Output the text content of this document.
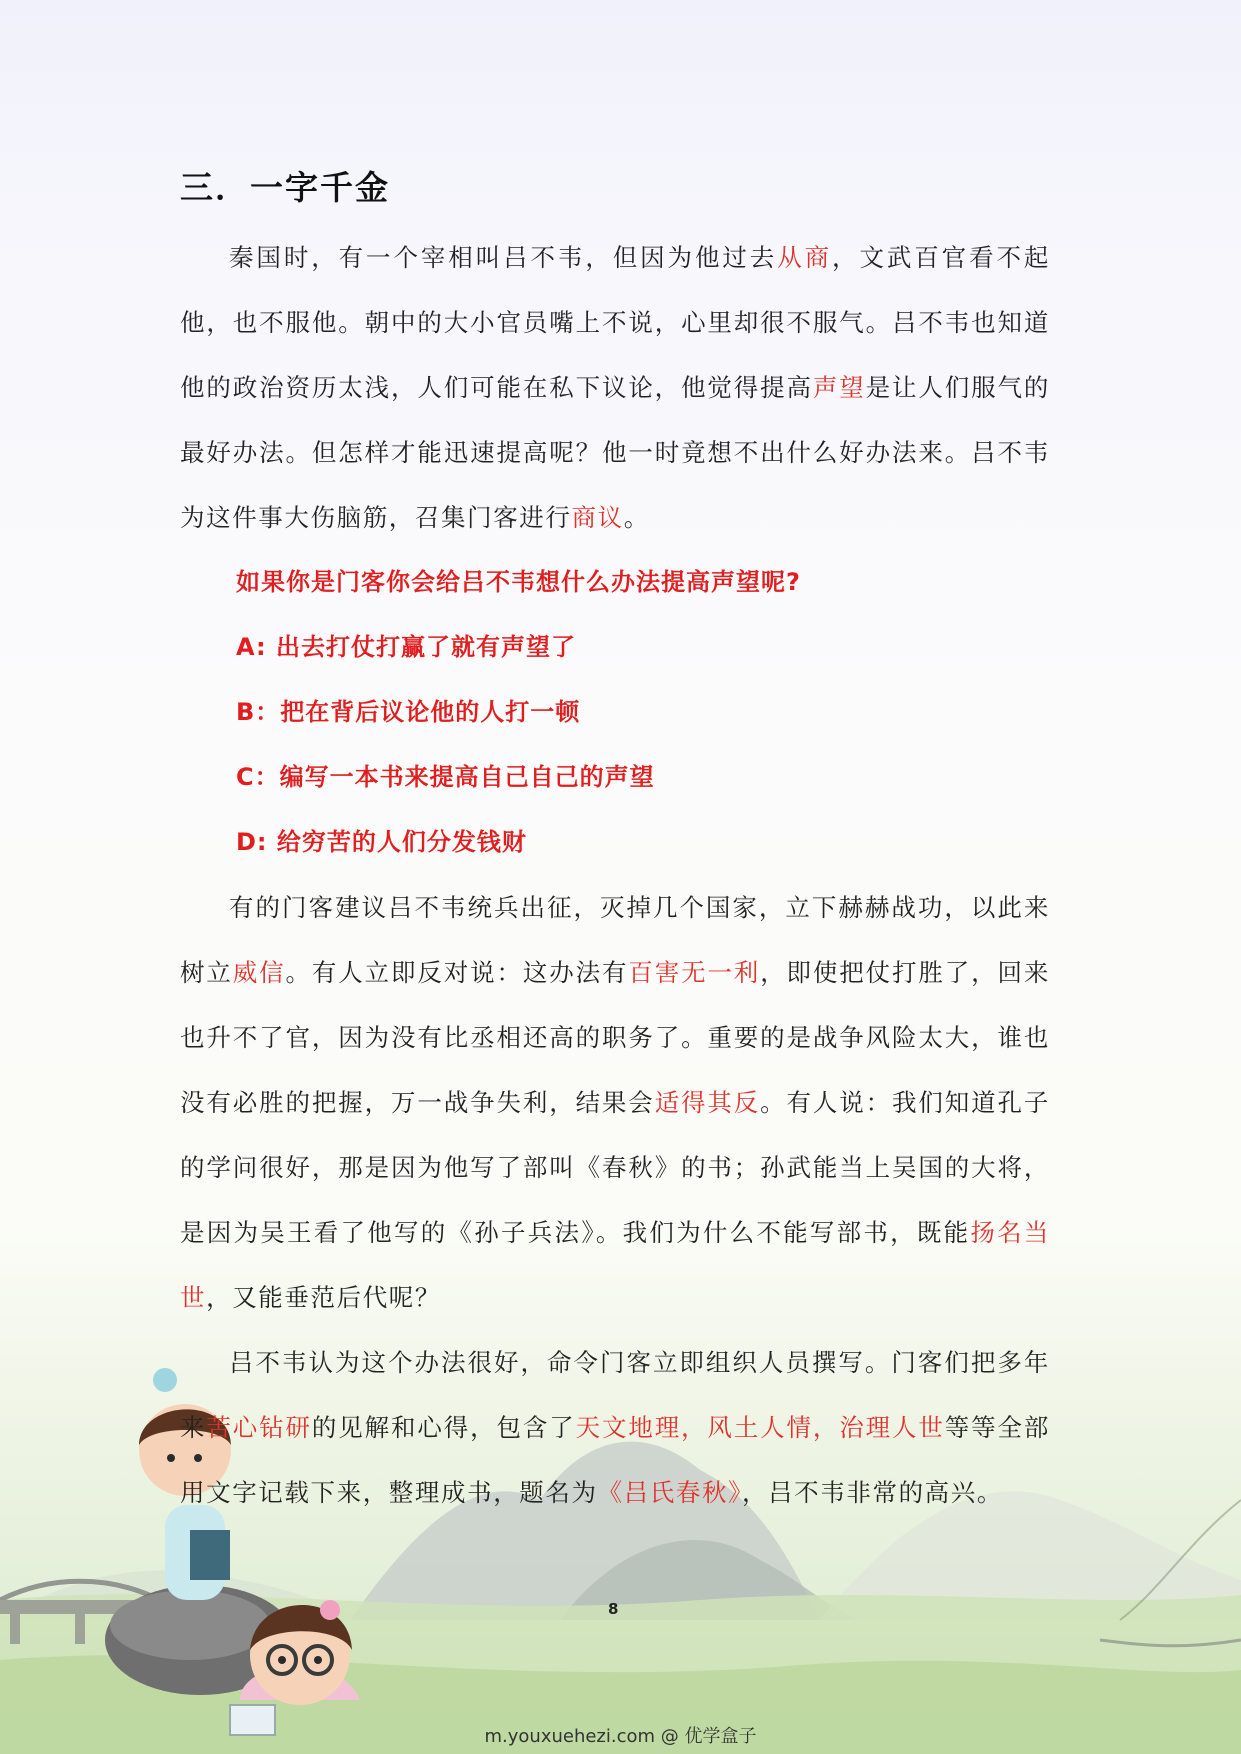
三．一字千金

秦国时，有一个宰相叫吕不韦，但因为他过去从商，文武百官看不起他，也不服他。朝中的大小官员嘴上不说，心里却很不服气。吕不韦也知道他的政治资历太浅，人们可能在私下议论，他觉得提高声望是让人们服气的最好办法。但怎样才能迅速提高呢？他一时竟想不出什么好办法来。吕不韦为这件事大伤脑筋，召集门客进行商议。

如果你是门客你会给吕不韦想什么办法提高声望呢?

A: 出去打仗打赢了就有声望了

B：把在背后议论他的人打一顿

C：编写一本书来提高自己自己的声望

D: 给穷苦的人们分发钱财

有的门客建议吕不韦统兵出征，灭掉几个国家，立下赫赫战功，以此来树立威信。有人立即反对说：这办法有百害无一利，即使把仗打胜了，回来也升不了官，因为没有比丞相还高的职务了。重要的是战争风险太大，谁也没有必胜的把握，万一战争失利，结果会适得其反。有人说：我们知道孔子的学问很好，那是因为他写了部叫《春秋》的书；孙武能当上吴国的大将，是因为吴王看了他写的《孙子兵法》。我们为什么不能写部书，既能扬名当世，又能垂范后代呢？

吕不韦认为这个办法很好，命令门客立即组织人员撰写。门客们把多年来苦心钻研的见解和心得，包含了天文地理，风土人情，治理人世等等全部用文字记载下来，整理成书，题名为《吕氏春秋》，吕不韦非常的高兴。

8
m.youxuehezi.com @ 优学盒子
